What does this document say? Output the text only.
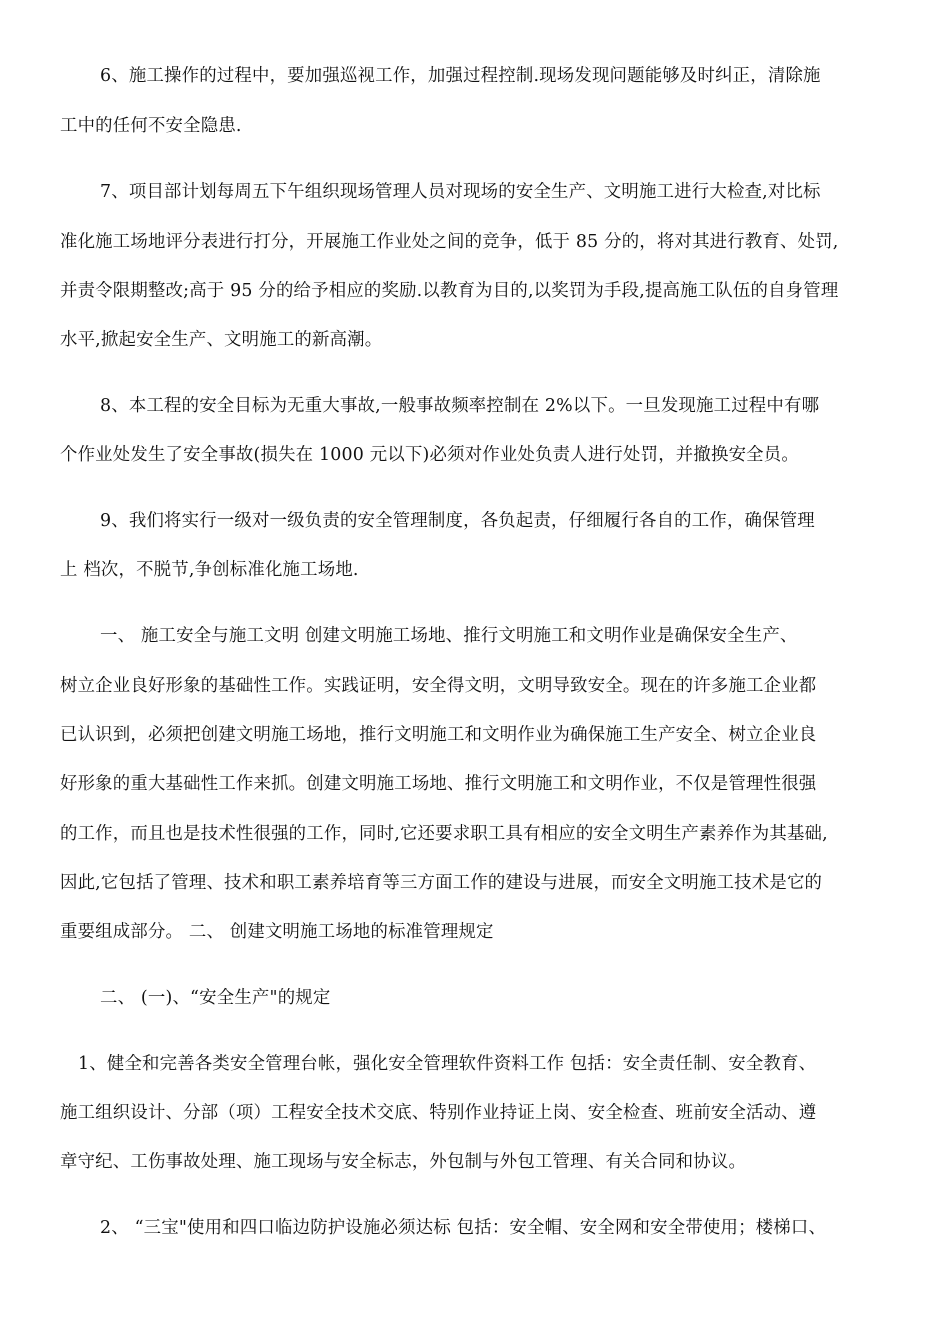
6、施工操作的过程中，要加强巡视工作，加强过程控制.现场发现问题能够及时纠正，清除施
工中的任何不安全隐患.
7、项目部计划每周五下午组织现场管理人员对现场的安全生产、文明施工进行大检查,对比标
准化施工场地评分表进行打分，开展施工作业处之间的竞争，低于 85 分的，将对其进行教育、处罚,
并责令限期整改;高于 95 分的给予相应的奖励.以教育为目的,以奖罚为手段,提高施工队伍的自身管理
水平,掀起安全生产、文明施工的新高潮。
8、本工程的安全目标为无重大事故,一般事故频率控制在 2%以下。一旦发现施工过程中有哪
个作业处发生了安全事故(损失在 1000 元以下)必须对作业处负责人进行处罚，并撤换安全员。
9、我们将实行一级对一级负责的安全管理制度，各负起责，仔细履行各自的工作，确保管理
上 档次，不脱节,争创标准化施工场地.
一、 施工安全与施工文明 创建文明施工场地、推行文明施工和文明作业是确保安全生产、
树立企业良好形象的基础性工作。实践证明，安全得文明，文明导致安全。现在的许多施工企业都
已认识到，必须把创建文明施工场地，推行文明施工和文明作业为确保施工生产安全、树立企业良
好形象的重大基础性工作来抓。创建文明施工场地、推行文明施工和文明作业，不仅是管理性很强
的工作，而且也是技术性很强的工作，同时,它还要求职工具有相应的安全文明生产素养作为其基础,
因此,它包括了管理、技术和职工素养培育等三方面工作的建设与进展，而安全文明施工技术是它的
重要组成部分。 二、 创建文明施工场地的标准管理规定
二、 (一)、“安全生产"的规定
1、健全和完善各类安全管理台帐，强化安全管理软件资料工作 包括：安全责任制、安全教育、
施工组织设计、分部（项）工程安全技术交底、特别作业持证上岗、安全检查、班前安全活动、遵
章守纪、工伤事故处理、施工现场与安全标志，外包制与外包工管理、有关合同和协议。
2、 “三宝"使用和四口临边防护设施必须达标 包括：安全帽、安全网和安全带使用；楼梯口、
